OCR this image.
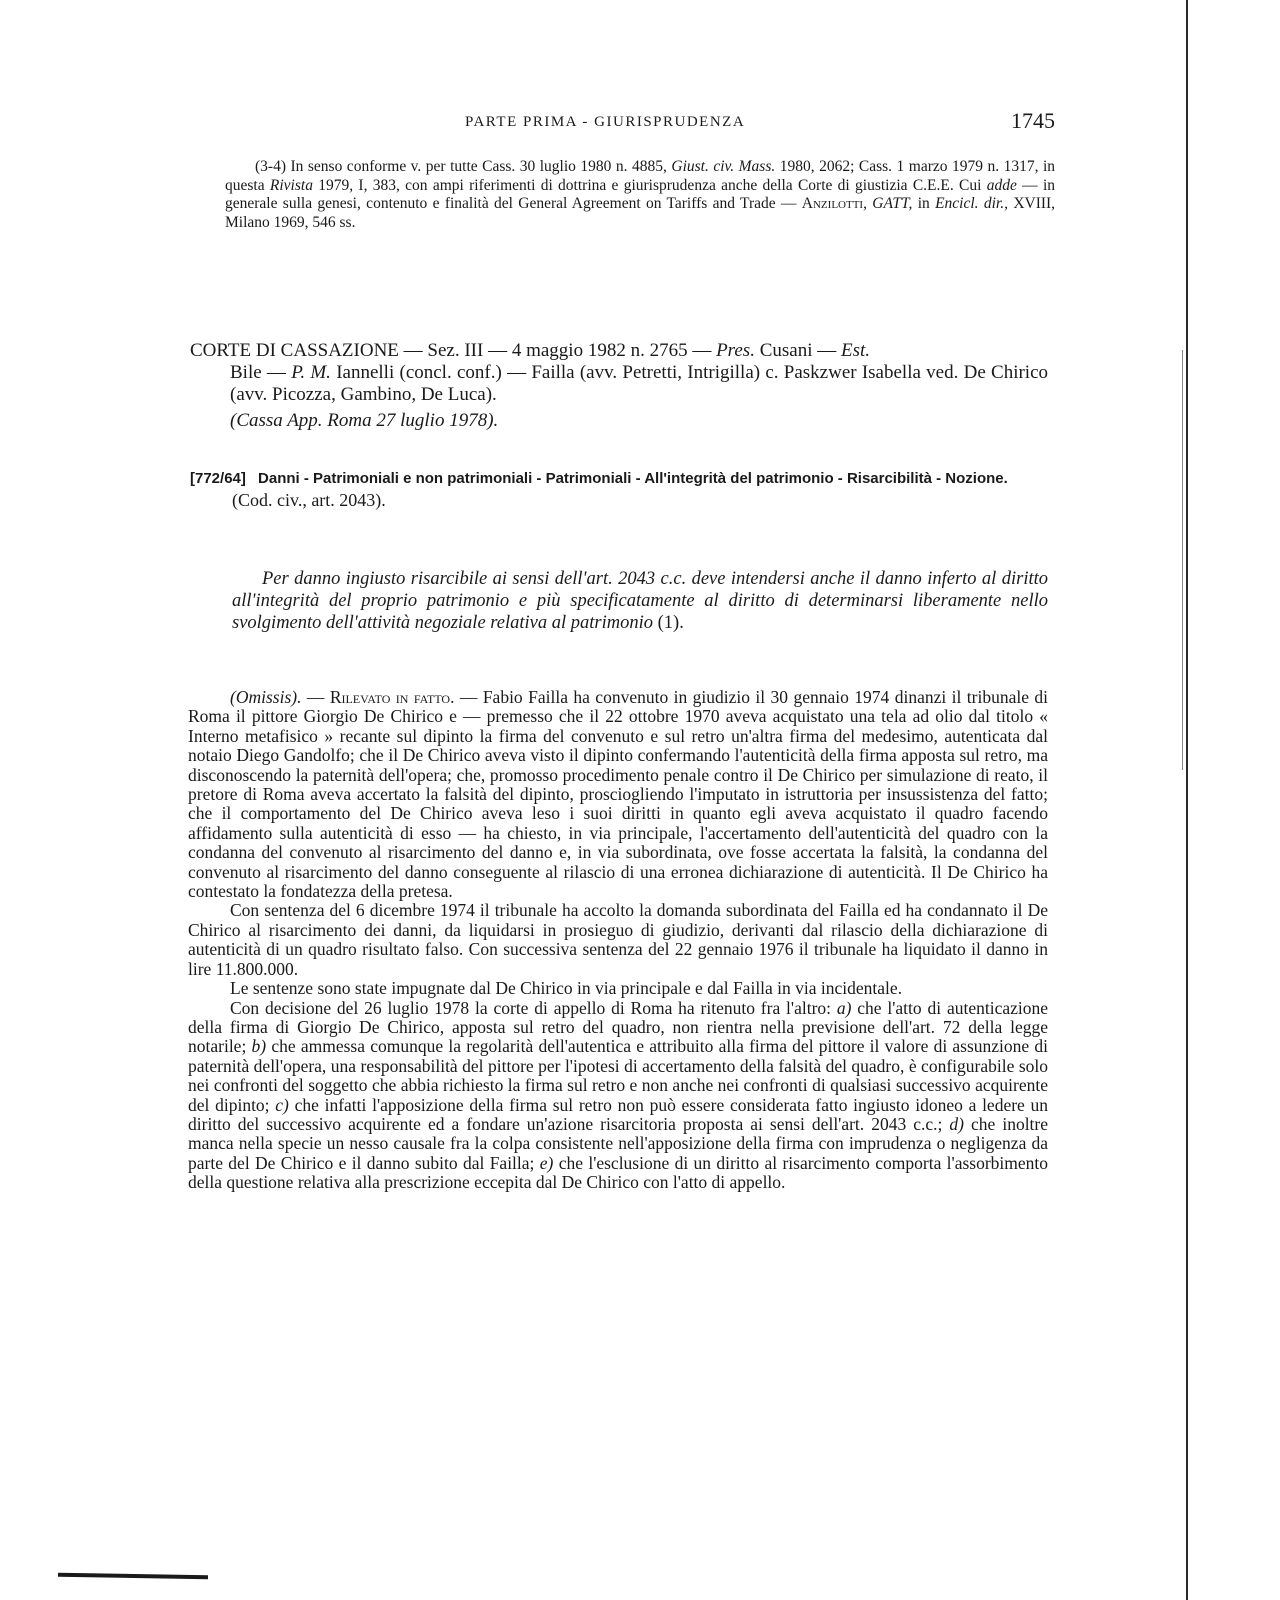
PARTE PRIMA - GIURISPRUDENZA	1745

(3-4) In senso conforme v. per tutte Cass. 30 luglio 1980 n. 4885, Giust. civ. Mass. 1980, 2062; Cass. 1 marzo 1979 n. 1317, in questa Rivista 1979, I, 383, con ampi riferimenti di dottrina e giurisprudenza anche della Corte di giustizia C.E.E. Cui adde — in generale sulla genesi, contenuto e finalità del General Agreement on Tariffs and Trade — Anzilotti, GATT, in Encicl. dir., XVIII, Milano 1969, 546 ss.

CORTE DI CASSAZIONE — Sez. III — 4 maggio 1982 n. 2765 — Pres. Cusani — Est.

Bile — P. M. Iannelli (concl. conf.) — Failla (avv. Petretti, Intrigilla) c. Paskzwer Isabella ved. De Chirico (avv. Picozza, Gambino, De Luca).

(Cassa App. Roma 27 luglio 1978).

[772/64] Danni - Patrimoniali e non patrimoniali - Patrimoniali - All'integrità del patrimonio - Risarcibilità - Nozione.

(Cod. civ., art. 2043).

Per danno ingiusto risarcibile ai sensi dell'art. 2043 c.c. deve intendersi anche il danno inferto al diritto all'integrità del proprio patrimonio e più specificatamente al diritto di determinarsi liberamente nello svolgimento dell'attività negoziale relativa al patrimonio (1).

(Omissis). — Rilevato in fatto. — Fabio Failla ha convenuto in giudizio il 30 gennaio 1974 dinanzi il tribunale di Roma il pittore Giorgio De Chirico e — premesso che il 22 ottobre 1970 aveva acquistato una tela ad olio dal titolo « Interno metafisico » recante sul dipinto la firma del convenuto e sul retro un'altra firma del medesimo, autenticata dal notaio Diego Gandolfo; che il De Chirico aveva visto il dipinto confermando l'autenticità della firma apposta sul retro, ma disconoscendo la paternità dell'opera; che, promosso procedimento penale contro il De Chirico per simulazione di reato, il pretore di Roma aveva accertato la falsità del dipinto, prosciogliendo l'imputato in istruttoria per insussistenza del fatto; che il comportamento del De Chirico aveva leso i suoi diritti in quanto egli aveva acquistato il quadro facendo affidamento sulla autenticità di esso — ha chiesto, in via principale, l'accertamento dell'autenticità del quadro con la condanna del convenuto al risarcimento del danno e, in via subordinata, ove fosse accertata la falsità, la condanna del convenuto al risarcimento del danno conseguente al rilascio di una erronea dichiarazione di autenticità. Il De Chirico ha contestato la fondatezza della pretesa.

Con sentenza del 6 dicembre 1974 il tribunale ha accolto la domanda subordinata del Failla ed ha condannato il De Chirico al risarcimento dei danni, da liquidarsi in prosieguo di giudizio, derivanti dal rilascio della dichiarazione di autenticità di un quadro risultato falso. Con successiva sentenza del 22 gennaio 1976 il tribunale ha liquidato il danno in lire 11.800.000.

Le sentenze sono state impugnate dal De Chirico in via principale e dal Failla in via incidentale.

Con decisione del 26 luglio 1978 la corte di appello di Roma ha ritenuto fra l'altro: a) che l'atto di autenticazione della firma di Giorgio De Chirico, apposta sul retro del quadro, non rientra nella previsione dell'art. 72 della legge notarile; b) che ammessa comunque la regolarità dell'autentica e attribuito alla firma del pittore il valore di assunzione di paternità dell'opera, una responsabilità del pittore per l'ipotesi di accertamento della falsità del quadro, è configurabile solo nei confronti del soggetto che abbia richiesto la firma sul retro e non anche nei confronti di qualsiasi successivo acquirente del dipinto; c) che infatti l'apposizione della firma sul retro non può essere considerata fatto ingiusto idoneo a ledere un diritto del successivo acquirente ed a fondare un'azione risarcitoria proposta ai sensi dell'art. 2043 c.c.; d) che inoltre manca nella specie un nesso causale fra la colpa consistente nell'apposizione della firma con imprudenza o negligenza da parte del De Chirico e il danno subito dal Failla; e) che l'esclusione di un diritto al risarcimento comporta l'assorbimento della questione relativa alla prescrizione eccepita dal De Chirico con l'atto di appello.
